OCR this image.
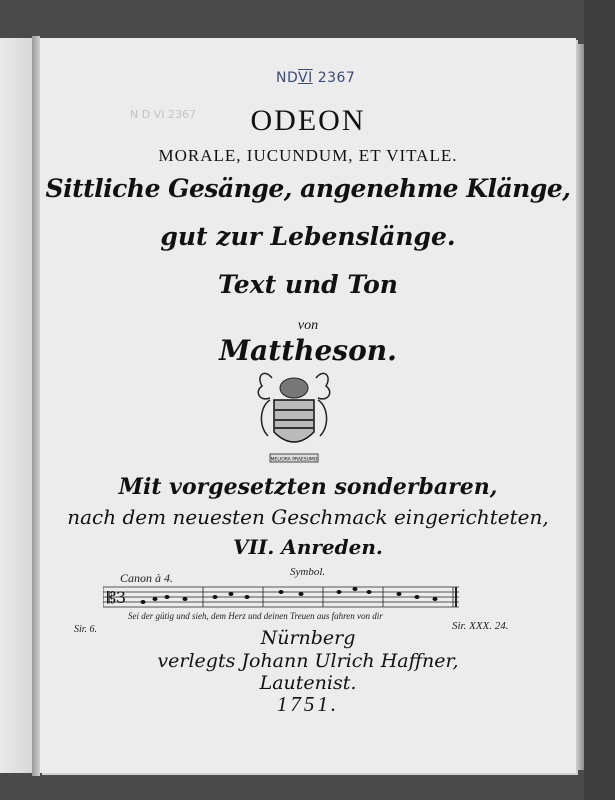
NDVI 2367
N D VI 2367	ODEON
MORALE, IUCUNDUM, ET VITALE.
Sittliche Gesänge, angenehme Klänge,
gut zur Lebenslänge.
Text und Ton
von
Mattheson.
MELIORA PRAESUMO
Mit vorgesetzten sonderbaren,
nach dem neuesten Geschmack eingerichteten,
VII. Anreden.
Canon à 4.	Symbol.
𝄡3
Sei der gütig und sieh, dem Herz und deinen Treuen aus fahren von dir
Sir. 6.	Sir. XXX. 24.
Nürnberg
verlegts Johann Ulrich Haffner,
Lautenist.
1751.
